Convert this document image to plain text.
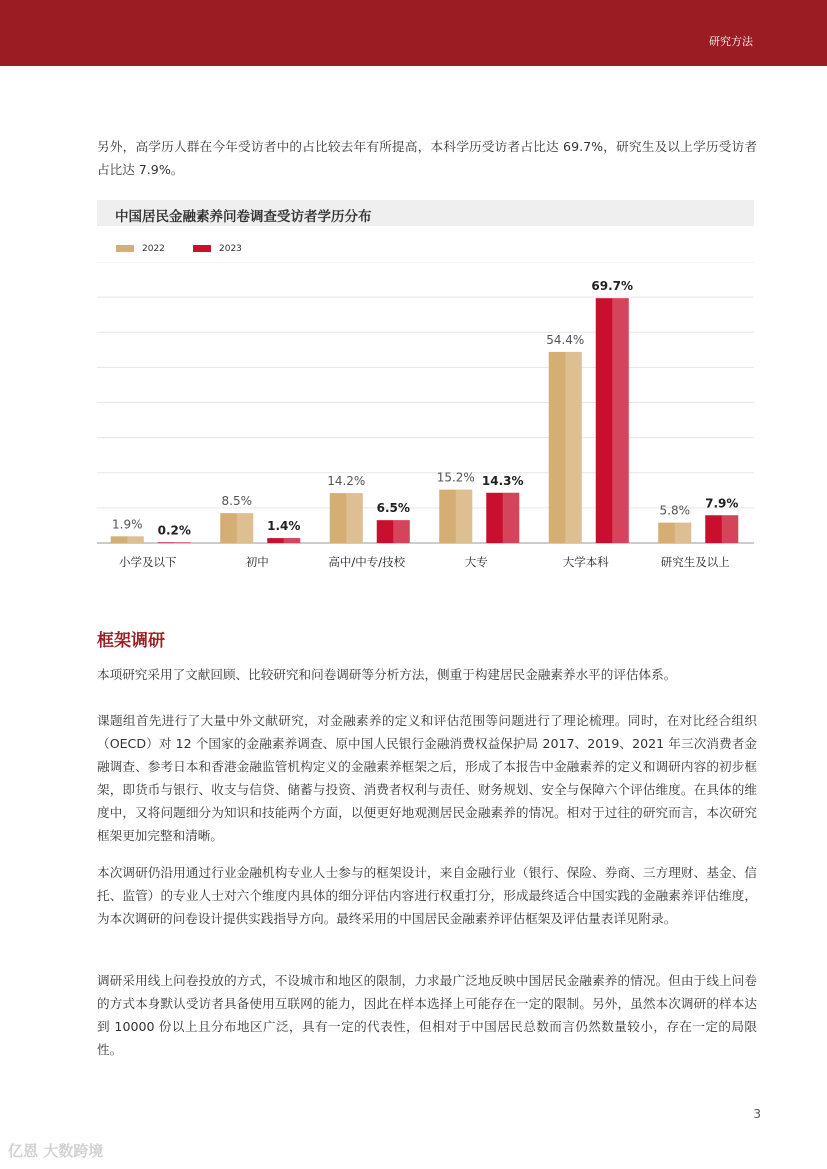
研究方法

另外，高学历人群在今年受访者中的占比较去年有所提高，本科学历受访者占比达 69.7%，研究生及以上学历受访者占比达 7.9%。

中国居民金融素养问卷调查受访者学历分布
2022	2023
1.9% 0.2%
小学及以下
8.5%
1.4%
初中
14.2%
6.5%
高中/中专/技校
15.2% 14.3%
大专
54.4%
69.7%
大学本科
5.8%
7.9%
研究生及以上
框架调研

本项研究采用了文献回顾、比较研究和问卷调研等分析方法，侧重于构建居民金融素养水平的评估体系。

课题组首先进行了大量中外文献研究，对金融素养的定义和评估范围等问题进行了理论梳理。同时，在对比经合组织（OECD）对 12 个国家的金融素养调查、原中国人民银行金融消费权益保护局 2017、2019、2021 年三次消费者金融调查、参考日本和香港金融监管机构定义的金融素养框架之后，形成了本报告中金融素养的定义和调研内容的初步框架，即货币与银行、收支与信贷、储蓄与投资、消费者权利与责任、财务规划、安全与保障六个评估维度。在具体的维度中，又将问题细分为知识和技能两个方面，以便更好地观测居民金融素养的情况。相对于过往的研究而言，本次研究框架更加完整和清晰。

本次调研仍沿用通过行业金融机构专业人士参与的框架设计，来自金融行业（银行、保险、券商、三方理财、基金、信托、监管）的专业人士对六个维度内具体的细分评估内容进行权重打分，形成最终适合中国实践的金融素养评估维度，为本次调研的问卷设计提供实践指导方向。最终采用的中国居民金融素养评估框架及评估量表详见附录。

调研采用线上问卷投放的方式，不设城市和地区的限制，力求最广泛地反映中国居民金融素养的情况。但由于线上问卷的方式本身默认受访者具备使用互联网的能力，因此在样本选择上可能存在一定的限制。另外，虽然本次调研的样本达到 10000 份以上且分布地区广泛，具有一定的代表性，但相对于中国居民总数而言仍然数量较小，存在一定的局限性。

3
亿恩 大数跨境
